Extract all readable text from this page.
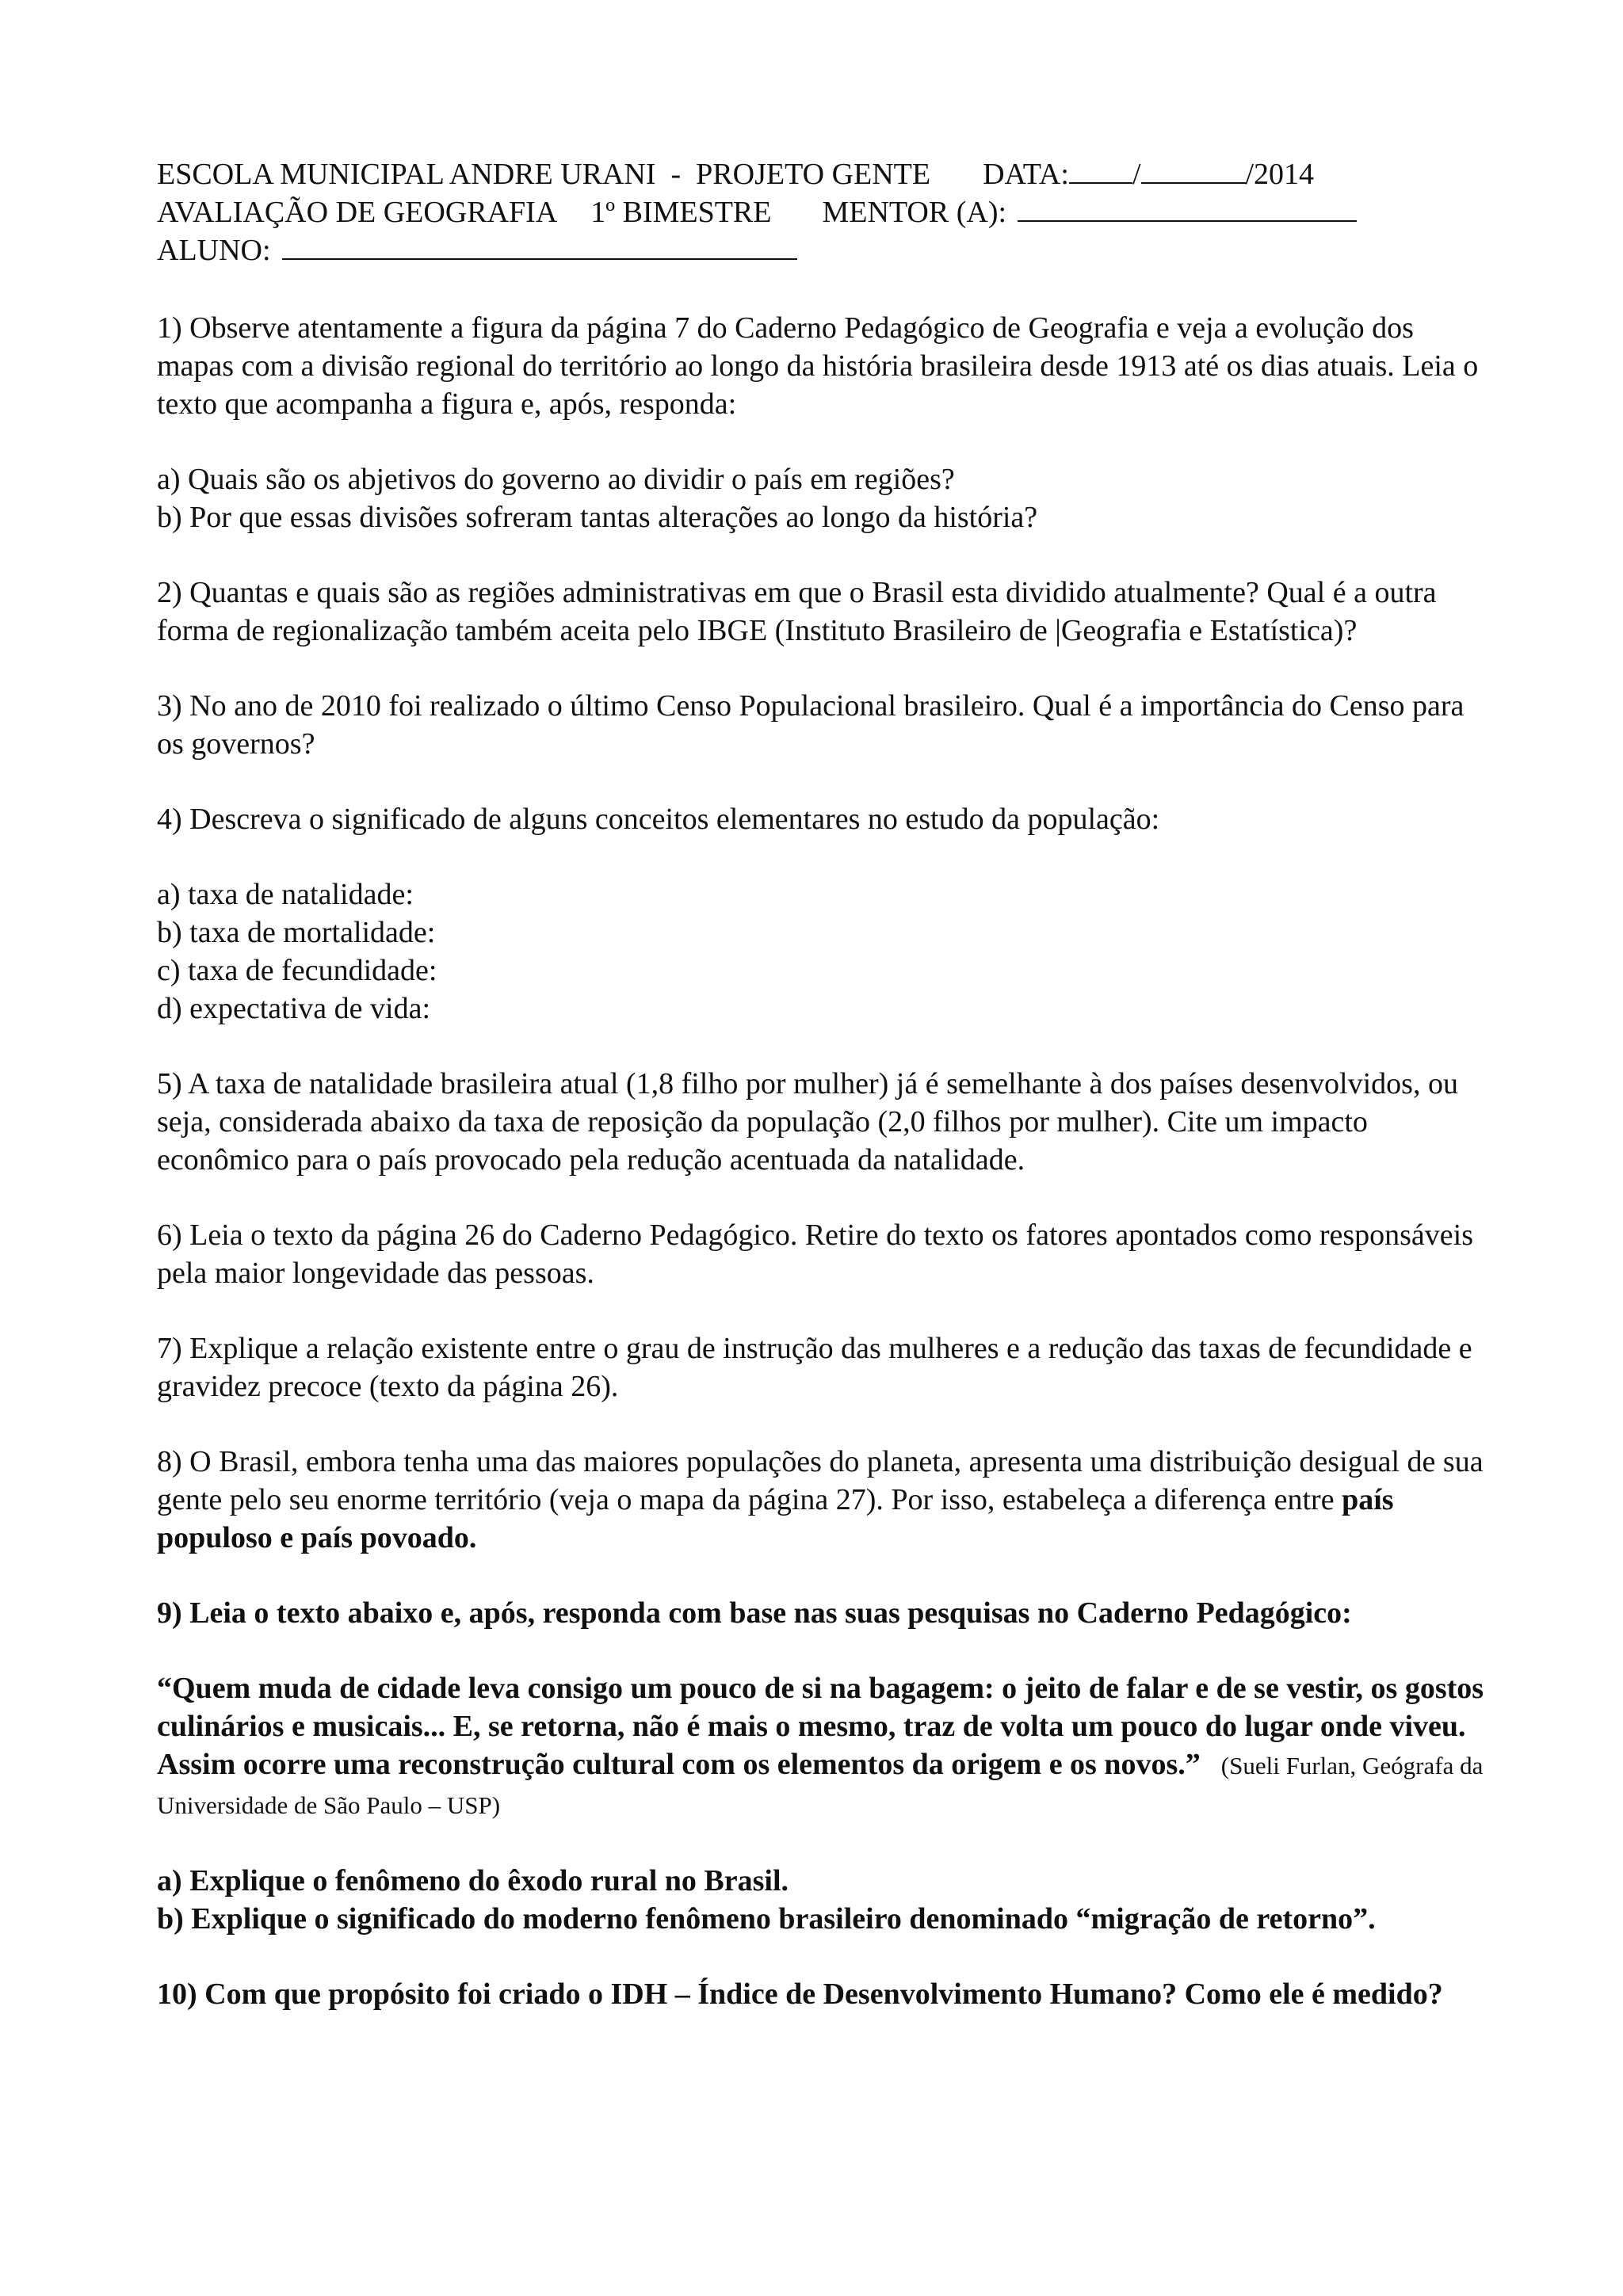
ESCOLA MUNICIPAL ANDRE URANI  -  PROJETO GENTE DATA: /	/2014
AVALIAÇÃO DE GEOGRAFIA 1º BIMESTRE MENTOR (A):
ALUNO:

1) Observe atentamente a figura da página 7 do Caderno Pedagógico de Geografia e veja a evolução dos mapas com a divisão regional do território ao longo da história brasileira desde 1913 até os dias atuais. Leia o texto que acompanha a figura e, após, responda:

a) Quais são os abjetivos do governo ao dividir o país em regiões?

b) Por que essas divisões sofreram tantas alterações ao longo da história?

2) Quantas e quais são as regiões administrativas em que o Brasil esta dividido atualmente? Qual é a outra forma de regionalização também aceita pelo IBGE (Instituto Brasileiro de |Geografia e Estatística)?

3) No ano de 2010 foi realizado o último Censo Populacional brasileiro. Qual é a importância do Censo para os governos?

4) Descreva o significado de alguns conceitos elementares no estudo da população:

a) taxa de natalidade:

b) taxa de mortalidade:

c) taxa de fecundidade:

d) expectativa de vida:

5) A taxa de natalidade brasileira atual (1,8 filho por mulher) já é semelhante à dos países desenvolvidos, ou seja, considerada abaixo da taxa de reposição da população (2,0 filhos por mulher). Cite um impacto econômico para o país provocado pela redução acentuada da natalidade.

6) Leia o texto da página 26 do Caderno Pedagógico. Retire do texto os fatores apontados como responsáveis pela maior longevidade das pessoas.

7) Explique a relação existente entre o grau de instrução das mulheres e a redução das taxas de fecundidade e gravidez precoce (texto da página 26).

8) O Brasil, embora tenha uma das maiores populações do planeta, apresenta uma distribuição desigual de sua gente pelo seu enorme território (veja o mapa da página 27). Por isso, estabeleça a diferença entre país populoso e país povoado.

9) Leia o texto abaixo e, após, responda com base nas suas pesquisas no Caderno Pedagógico:

“Quem muda de cidade leva consigo um pouco de si na bagagem: o jeito de falar e de se vestir, os gostos culinários e musicais... E, se retorna, não é mais o mesmo, traz de volta um pouco do lugar onde viveu. Assim ocorre uma reconstrução cultural com os elementos da origem e os novos.” (Sueli Furlan, Geógrafa da Universidade de São Paulo – USP)

a) Explique o fenômeno do êxodo rural no Brasil.

b) Explique o significado do moderno fenômeno brasileiro denominado “migração de retorno”.

10) Com que propósito foi criado o IDH – Índice de Desenvolvimento Humano? Como ele é medido?
